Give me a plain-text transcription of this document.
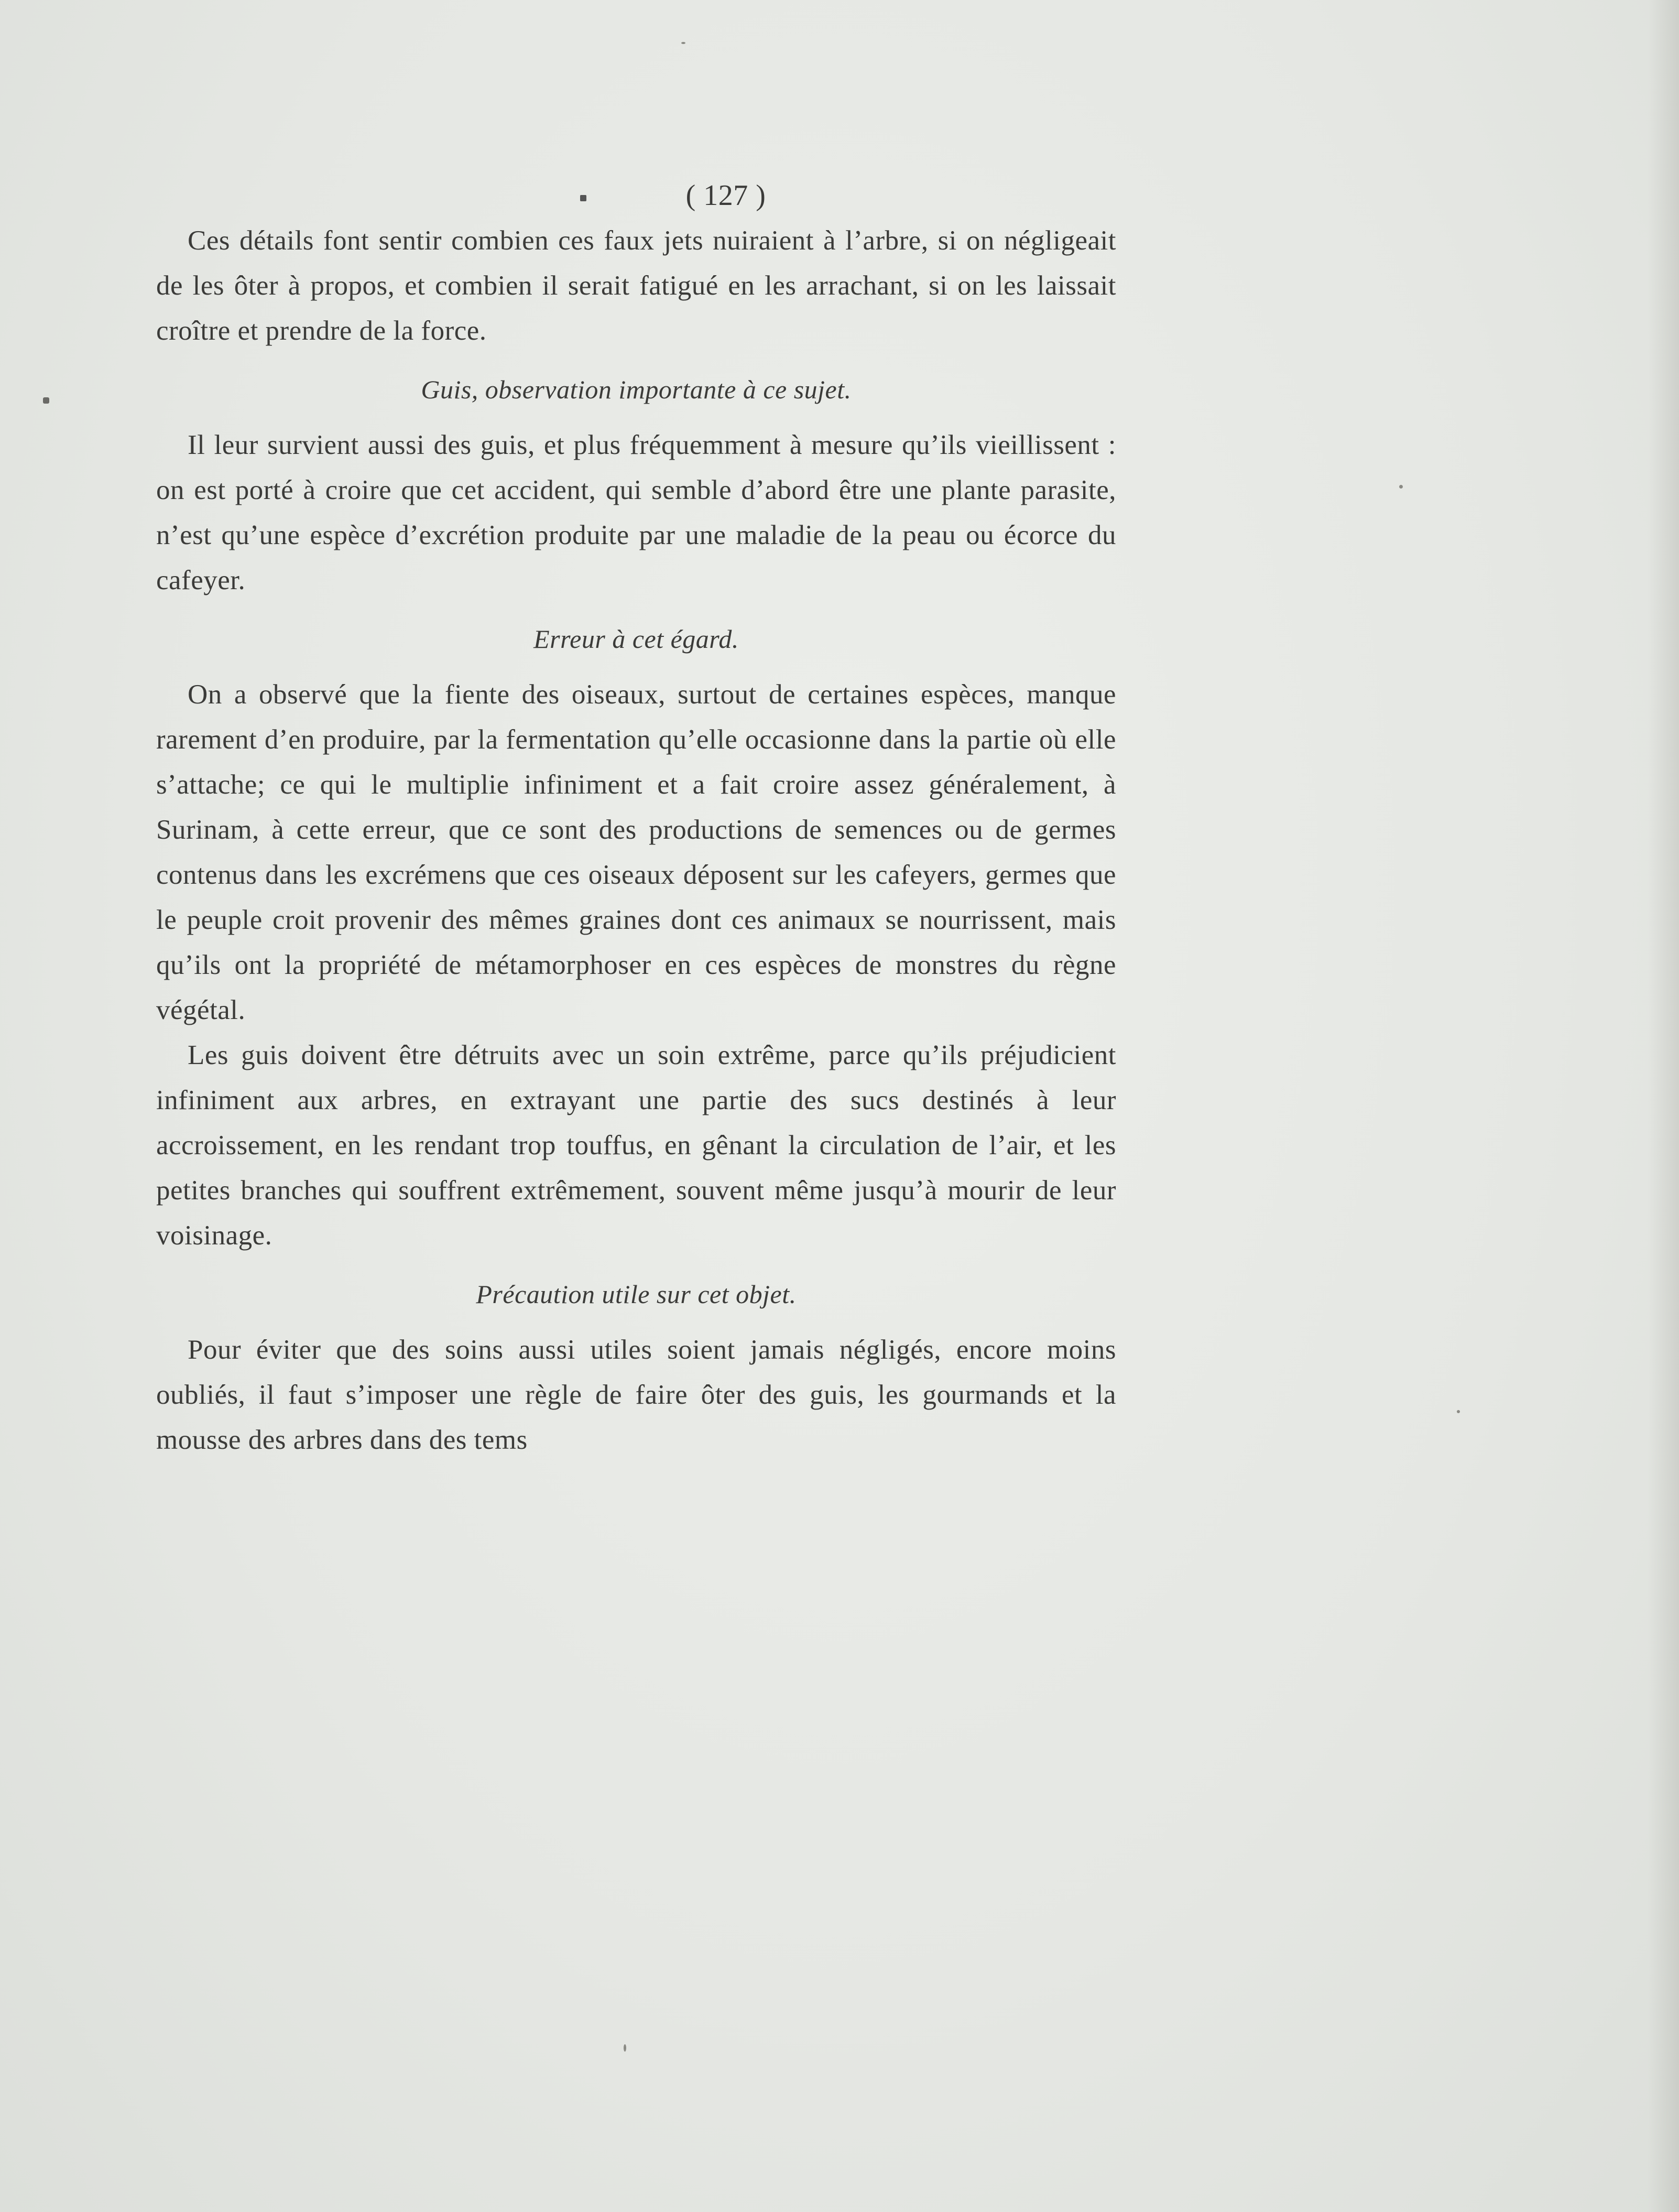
( 127 )

Ces détails font sentir combien ces faux jets nuiraient à l’arbre, si on négligeait de les ôter à propos, et combien il serait fatigué en les arrachant, si on les laissait croître et prendre de la force.

Guis, observation importante à ce sujet.

Il leur survient aussi des guis, et plus fréquemment à mesure qu’ils vieillissent : on est porté à croire que cet accident, qui semble d’abord être une plante parasite, n’est qu’une espèce d’excrétion produite par une maladie de la peau ou écorce du cafeyer.

Erreur à cet égard.

On a observé que la fiente des oiseaux, surtout de certaines espèces, manque rarement d’en produire, par la fermentation qu’elle occasionne dans la partie où elle s’attache; ce qui le multiplie infiniment et a fait croire assez généralement, à Surinam, à cette erreur, que ce sont des productions de semences ou de germes contenus dans les excrémens que ces oiseaux déposent sur les cafeyers, germes que le peuple croit provenir des mêmes graines dont ces animaux se nourrissent, mais qu’ils ont la propriété de métamorphoser en ces espèces de monstres du règne végétal.

Les guis doivent être détruits avec un soin extrême, parce qu’ils préjudicient infiniment aux arbres, en extrayant une partie des sucs destinés à leur accroissement, en les rendant trop touffus, en gênant la circulation de l’air, et les petites branches qui souffrent extrêmement, souvent même jusqu’à mourir de leur voisinage.

Précaution utile sur cet objet.

Pour éviter que des soins aussi utiles soient jamais négligés, encore moins oubliés, il faut s’imposer une règle de faire ôter des guis, les gourmands et la mousse des arbres dans des tems
